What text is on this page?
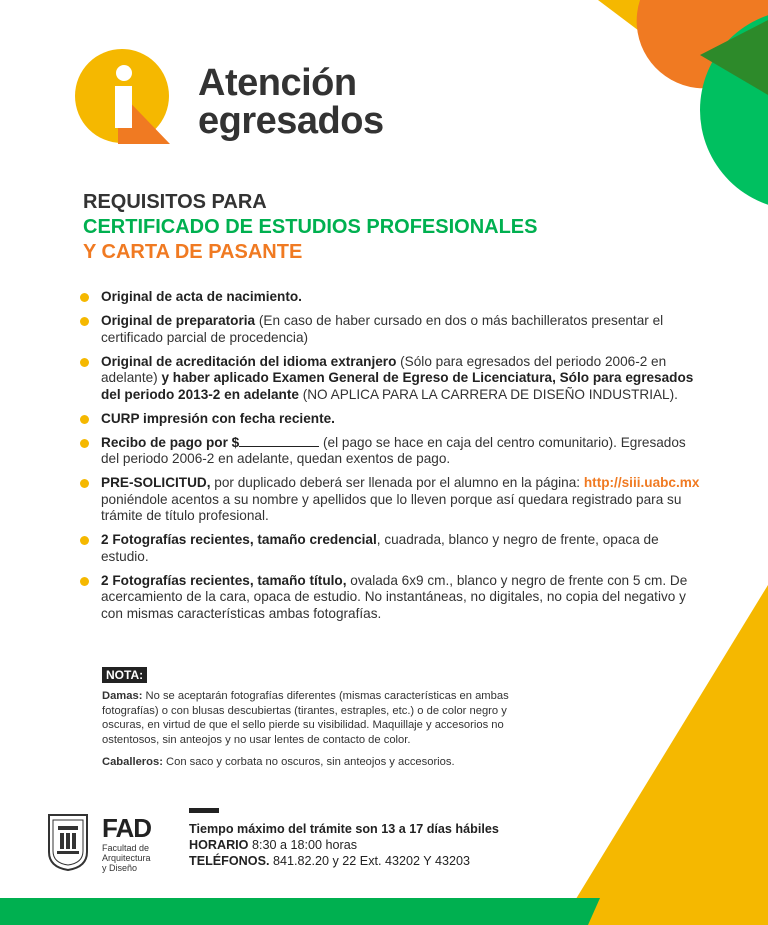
Atención
egresados
REQUISITOS PARA
CERTIFICADO DE ESTUDIOS PROFESIONALES
Y CARTA DE PASANTE
Original de acta de nacimiento.
Original de preparatoria (En caso de haber cursado en dos o más bachilleratos presentar el certificado parcial de procedencia)
Original de acreditación del idioma extranjero (Sólo para egresados del periodo 2006-2 en adelante) y haber aplicado Examen General de Egreso de Licenciatura, Sólo para egresados del periodo 2013-2 en adelante (NO APLICA PARA LA CARRERA DE DISEÑO INDUSTRIAL).
CURP impresión con fecha reciente.
Recibo de pago por $	(el pago se hace en caja del centro comunitario). Egresados del periodo 2006-2 en adelante, quedan exentos de pago.
PRE-SOLICITUD, por duplicado deberá ser llenada por el alumno en la página: http://siii.uabc.mx poniéndole acentos a su nombre y apellidos que lo lleven porque así quedara registrado para su trámite de título profesional.
2 Fotografías recientes, tamaño credencial, cuadrada, blanco y negro de frente, opaca de estudio.
2 Fotografías recientes, tamaño título, ovalada 6x9 cm., blanco y negro de frente con 5 cm. De acercamiento de la cara, opaca de estudio. No instantáneas, no digitales, no copia del negativo y con mismas características ambas fotografías.
NOTA:

Damas: No se aceptarán fotografías diferentes (mismas características en ambas fotografías) o con blusas descubiertas (tirantes, estraples, etc.) o de color negro y oscuras, en virtud de que el sello pierde su visibilidad. Maquillaje y accesorios no ostentosos, sin anteojos y no usar lentes de contacto de color.

Caballeros: Con saco y corbata no oscuros, sin anteojos y accesorios.

FAD
Facultad de
Arquitectura
y Diseño
Tiempo máximo del trámite son 13 a 17 días hábiles
HORARIO 8:30 a 18:00 horas
TELÉFONOS. 841.82.20 y 22 Ext. 43202 Y 43203
